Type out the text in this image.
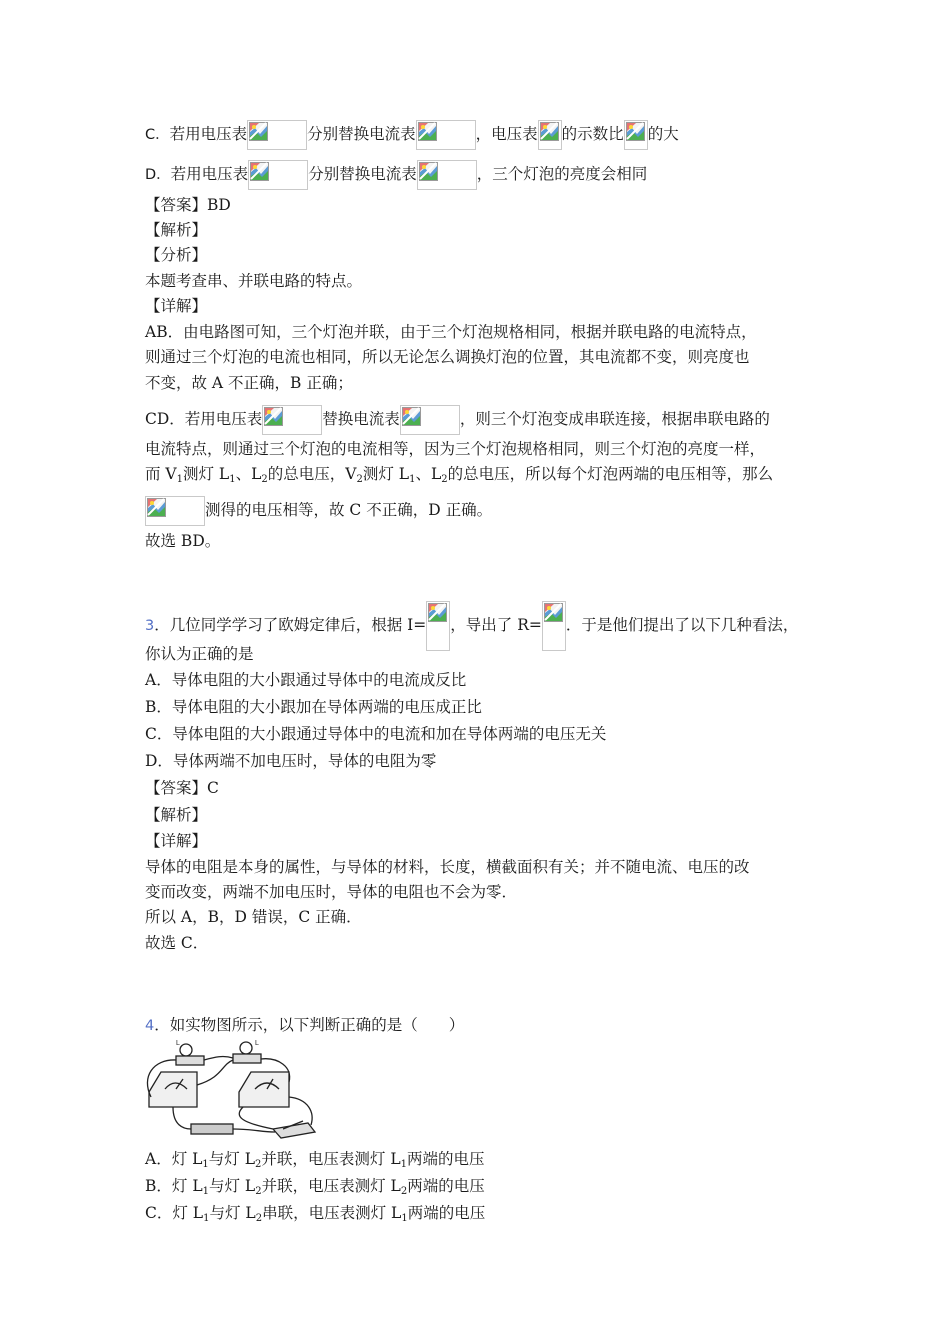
C．若用电压表	分别替换电流表	，电压表 的示数比 的大
D．若用电压表	分别替换电流表	，三个灯泡的亮度会相同
【答案】BD
【解析】
【分析】
本题考查串、并联电路的特点。
【详解】
AB．由电路图可知，三个灯泡并联，由于三个灯泡规格相同，根据并联电路的电流特点，
则通过三个灯泡的电流也相同，所以无论怎么调换灯泡的位置，其电流都不变，则亮度也
不变，故 A 不正确，B 正确；
CD．若用电压表	替换电流表	，则三个灯泡变成串联连接，根据串联电路的
电流特点，则通过三个灯泡的电流相等，因为三个灯泡规格相同，则三个灯泡的亮度一样，
而 $V_1$测灯 $L_1$、$L_2$的总电压，$V_2$测灯 $L_1$、$L_2$的总电压，所以每个灯泡两端的电压相等，那么
测得的电压相等，故 C 不正确，D 正确。
故选 BD。
3．几位同学学习了欧姆定律后，根据 I= ，导出了 R= ．于是他们提出了以下几种看法，
你认为正确的是
A．导体电阻的大小跟通过导体中的电流成反比
B．导体电阻的大小跟加在导体两端的电压成正比
C．导体电阻的大小跟通过导体中的电流和加在导体两端的电压无关
D．导体两端不加电压时，导体的电阻为零
【答案】C
【解析】
【详解】
导体的电阻是本身的属性，与导体的材料，长度，横截面积有关；并不随电流、电压的改
变而改变，两端不加电压时，导体的电阻也不会为零．
所以 A，B，D 错误，C 正确．
故选 C．
4．如实物图所示，以下判断正确的是（　　）
L	L
A．灯 $L_1$与灯 $L_2$并联，电压表测灯 $L_1$两端的电压
B．灯 $L_1$与灯 $L_2$并联，电压表测灯 $L_2$两端的电压
C．灯 $L_1$与灯 $L_2$串联，电压表测灯 $L_1$两端的电压
